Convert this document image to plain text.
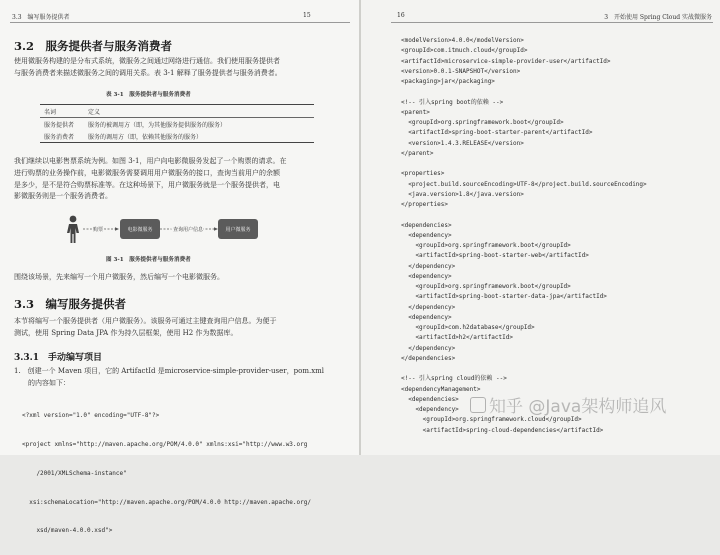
3.3　编写服务提供者	15
3.2　服务提供者与服务消费者
使用微服务构建的是分布式系统，微服务之间通过网络进行通信。我们使用服务提供者
与服务消费者来描述微服务之间的调用关系。表 3-1 解释了服务提供者与服务消费者。
表 3-1　服务提供者与服务消费者
名词	定义
服务提供者	服务的被调用方（即，为其他服务提供服务的服务）
服务消费者	服务的调用方（即，依赖其他服务的服务）
我们继续以电影售票系统为例。如图 3-1，用户向电影微服务发起了一个购票的请求。在
进行购票的业务操作前，电影微服务需要调用用户微服务的接口，查询当前用户的余额
是多少，是不是符合购票标准等。在这种场景下，用户微服务就是一个服务提供者，电
影微服务则是一个服务消费者。
购票	电影微服务	查询用户信息	用户微服务
图 3-1　服务提供者与服务消费者
围绕该场景，先来编写一个用户微服务，然后编写一个电影微服务。
3.3　编写服务提供者
本节将编写一个服务提供者（用户微服务）。该服务可通过主键查询用户信息。为便于
测试，使用 Spring Data JPA 作为持久层框架，使用 H2 作为数据库。
3.3.1　手动编写项目
1.　创建一个 Maven 项目，它的 ArtifactId 是microservice-simple-provider-user，pom.xml
　　的内容如下：

<?xml version="1.0" encoding="UTF-8"?>

<project xmlns="http://maven.apache.org/POM/4.0.0" xmlns:xsi="http://www.w3.org

/2001/XMLSchema-instance"

xsi:schemaLocation="http://maven.apache.org/POM/4.0.0 http://maven.apache.org/

xsd/maven-4.0.0.xsd">

16	3　开始使用 Spring Cloud 实战微服务
<modelVersion>4.0.0</modelVersion>
<groupId>com.itmuch.cloud</groupId>
<artifactId>microservice-simple-provider-user</artifactId>
<version>0.0.1-SNAPSHOT</version>
<packaging>jar</packaging>
<!-- 引入spring boot的依赖 -->
<parent>
<groupId>org.springframework.boot</groupId>
<artifactId>spring-boot-starter-parent</artifactId>
<version>1.4.3.RELEASE</version>
</parent>
<properties>
<project.build.sourceEncoding>UTF-8</project.build.sourceEncoding>
<java.version>1.8</java.version>
</properties>
<dependencies>
<dependency>
<groupId>org.springframework.boot</groupId>
<artifactId>spring-boot-starter-web</artifactId>
</dependency>
<dependency>
<groupId>org.springframework.boot</groupId>
<artifactId>spring-boot-starter-data-jpa</artifactId>
</dependency>
<dependency>
<groupId>com.h2database</groupId>
<artifactId>h2</artifactId>
</dependency>
</dependencies>
<!-- 引入spring cloud的依赖 -->
<dependencyManagement>
<dependencies>
<dependency>
<groupId>org.springframework.cloud</groupId>
<artifactId>spring-cloud-dependencies</artifactId>
知乎 @Java架构师追风
